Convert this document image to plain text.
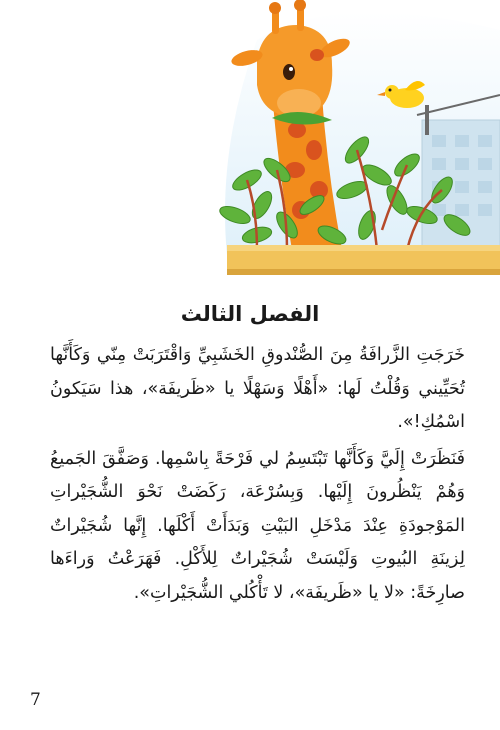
الفصل الثالث

خَرَجَتِ الزَّرافَةُ مِنَ الصُّنْدوقِ الخَشَبِيِّ وَاقْتَرَبَتْ مِنّي وَكَأَنَّها تُحَيِّيني وَقُلْتُ لَها: «أَهْلًا وَسَهْلًا يا «ظَريفَة»، هذا سَيَكونُ اسْمُكِ!».

فَنَظَرَتْ إِلَيَّ وَكَأَنَّها تَبْتَسِمُ لي فَرْحَةً بِاسْمِها. وَصَفَّقَ الجَميعُ وَهُمْ يَنْظُرونَ إِلَيْها. وَبِسُرْعَة، رَكَضَتْ نَحْوَ الشُّجَيْراتِ المَوْجودَةِ عِنْدَ مَدْخَلِ البَيْتِ وَبَدَأَتْ أَكْلَها. إِنَّها شُجَيْراتٌ لِزينَةِ البُيوتِ وَلَيْسَتْ شُجَيْراتٌ لِلأَكْلِ. فَهَرَعْتُ وَراءَها صارِخَةً: «لا يا «ظَريفَة»، لا تَأْكُلي الشُّجَيْراتِ».

7
